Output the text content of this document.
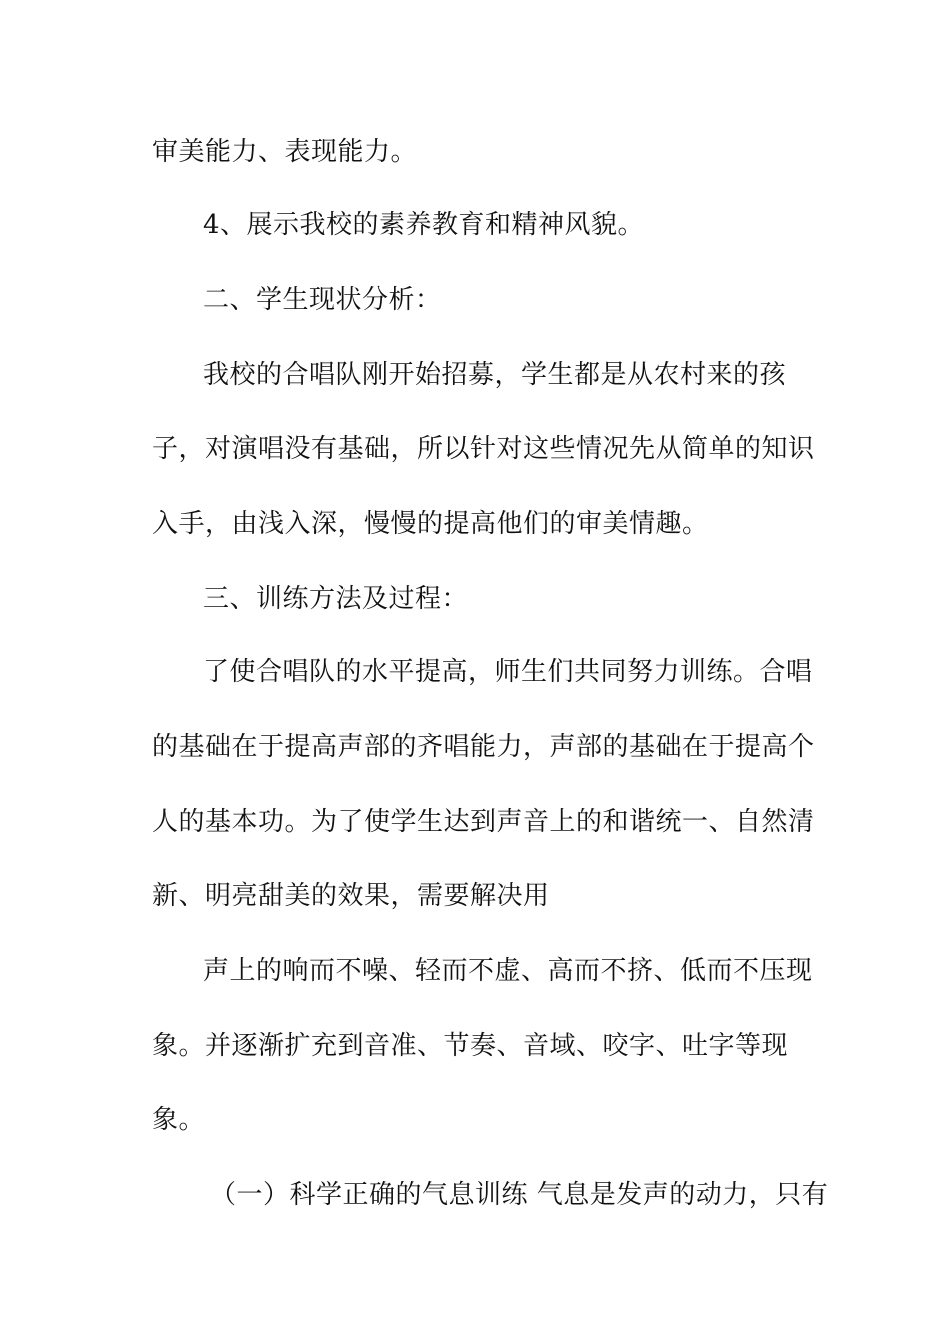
审美能力、表现能力。
4、展示我校的素养教育和精神风貌。
二、学生现状分析：
我校的合唱队刚开始招募，学生都是从农村来的孩
子，对演唱没有基础，所以针对这些情况先从简单的知识
入手，由浅入深，慢慢的提高他们的审美情趣。
三、训练方法及过程：
了使合唱队的水平提高，师生们共同努力训练。合唱
的基础在于提高声部的齐唱能力，声部的基础在于提高个
人的基本功。为了使学生达到声音上的和谐统一、自然清
新、明亮甜美的效果，需要解决用
声上的响而不噪、轻而不虚、高而不挤、低而不压现
象。并逐渐扩充到音准、节奏、音域、咬字、吐字等现
象。
（一）科学正确的气息训练 气息是发声的动力，只有
